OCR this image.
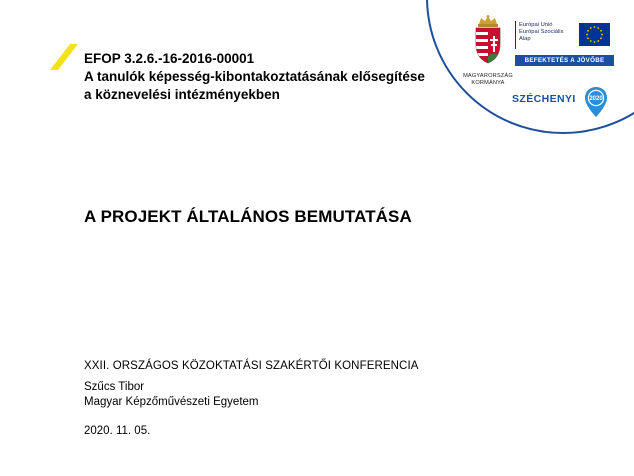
EFOP 3.2.6.-16-2016-00001
A tanulók képesség-kibontakoztatásának elősegítése
a köznevelési intézményekben
A PROJEKT ÁLTALÁNOS BEMUTATÁSA
XXII. ORSZÁGOS KÖZOKTATÁSI SZAKÉRTŐI KONFERENCIA
Szűcs Tibor
Magyar Képzőművészeti Egyetem
2020. 11. 05.
MAGYARORSZÁG
KORMÁNYA
Európai Unió
Európai Szociális
Alap
BEFEKTETÉS A JÖVŐBE
SZÉCHENYI 2020
